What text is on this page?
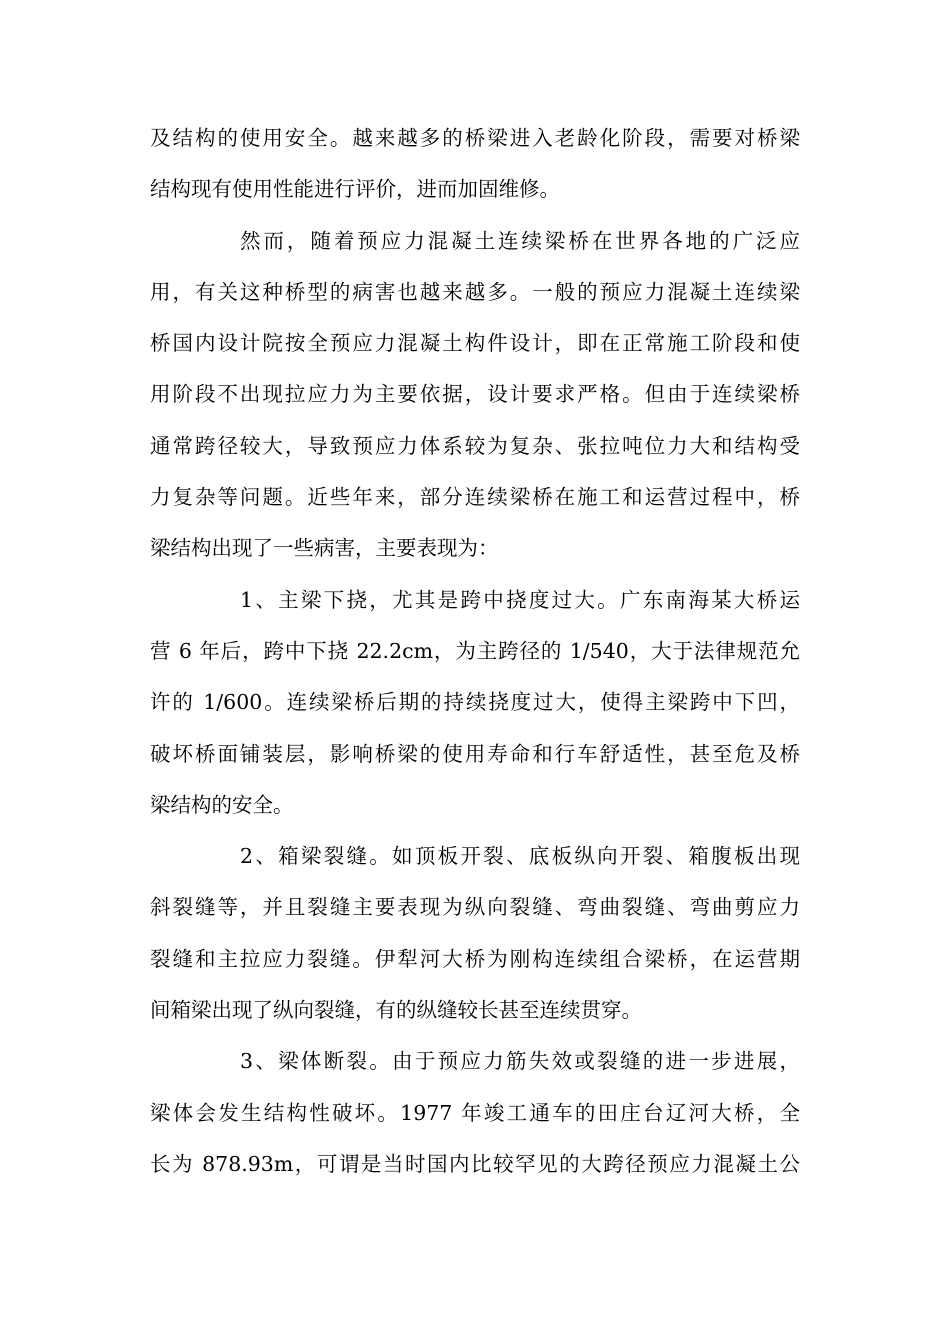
及结构的使用安全。越来越多的桥梁进入老龄化阶段，需要对桥梁
结构现有使用性能进行评价，进而加固维修。
然而，随着预应力混凝土连续梁桥在世界各地的广泛应
用，有关这种桥型的病害也越来越多。一般的预应力混凝土连续梁
桥国内设计院按全预应力混凝土构件设计，即在正常施工阶段和使
用阶段不出现拉应力为主要依据，设计要求严格。但由于连续梁桥
通常跨径较大，导致预应力体系较为复杂、张拉吨位力大和结构受
力复杂等问题。近些年来，部分连续梁桥在施工和运营过程中，桥
梁结构出现了一些病害，主要表现为：
1、主梁下挠，尤其是跨中挠度过大。广东南海某大桥运
营 6 年后，跨中下挠 22.2cm，为主跨径的 1/540，大于法律规范允
许的 1/600。连续梁桥后期的持续挠度过大，使得主梁跨中下凹，
破坏桥面铺装层，影响桥梁的使用寿命和行车舒适性，甚至危及桥
梁结构的安全。
2、箱梁裂缝。如顶板开裂、底板纵向开裂、箱腹板出现
斜裂缝等，并且裂缝主要表现为纵向裂缝、弯曲裂缝、弯曲剪应力
裂缝和主拉应力裂缝。伊犁河大桥为刚构连续组合梁桥，在运营期
间箱梁出现了纵向裂缝，有的纵缝较长甚至连续贯穿。
3、梁体断裂。由于预应力筋失效或裂缝的进一步进展，
梁体会发生结构性破坏。1977 年竣工通车的田庄台辽河大桥，全
长为 878.93m，可谓是当时国内比较罕见的大跨径预应力混凝土公
